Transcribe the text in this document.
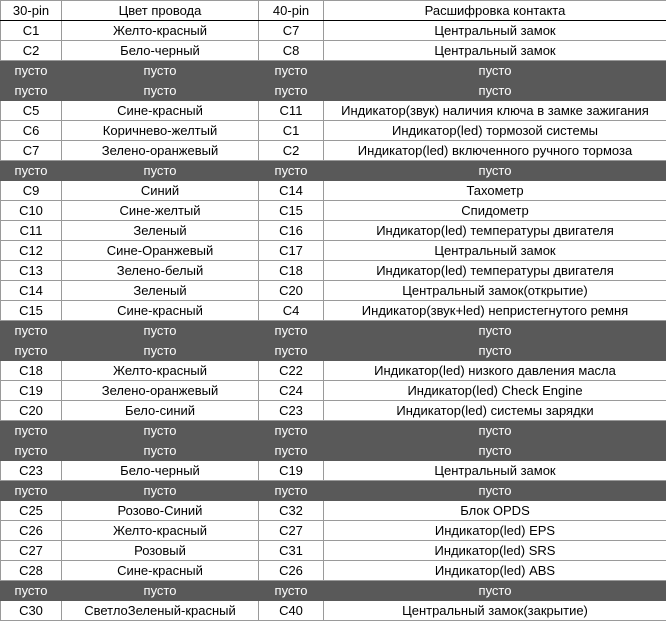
30-pin	Цвет провода	40-pin	Расшифровка контакта
C1	Желто-красный	C7	Центральный замок
C2	Бело-черный	C8	Центральный замок
пусто	пусто	пусто	пусто
пусто	пусто	пусто	пусто
C5	Сине-красный	C11	Индикатор(звук) наличия ключа в замке зажигания
C6	Коричнево-желтый	C1	Индикатор(led) тормозой системы
C7	Зелено-оранжевый	C2	Индикатор(led) включенного ручного тормоза
пусто	пусто	пусто	пусто
C9	Синий	C14	Тахометр
C10	Сине-желтый	C15	Спидометр
C11	Зеленый	C16	Индикатор(led) температуры двигателя
C12	Сине-Оранжевый	C17	Центральный замок
C13	Зелено-белый	C18	Индикатор(led) температуры двигателя
C14	Зеленый	C20	Центральный замок(открытие)
C15	Сине-красный	C4	Индикатор(звук+led) непристегнутого ремня
пусто	пусто	пусто	пусто
пусто	пусто	пусто	пусто
C18	Желто-красный	C22	Индикатор(led) низкого давления масла
C19	Зелено-оранжевый	C24	Индикатор(led) Check Engine
C20	Бело-синий	C23	Индикатор(led) системы зарядки
пусто	пусто	пусто	пусто
пусто	пусто	пусто	пусто
C23	Бело-черный	C19	Центральный замок
пусто	пусто	пусто	пусто
C25	Розово-Синий	C32	Блок OPDS
C26	Желто-красный	C27	Индикатор(led) EPS
C27	Розовый	C31	Индикатор(led) SRS
C28	Сине-красный	C26	Индикатор(led) ABS
пусто	пусто	пусто	пусто
C30	СветлоЗеленый-красный	C40	Центральный замок(закрытие)
